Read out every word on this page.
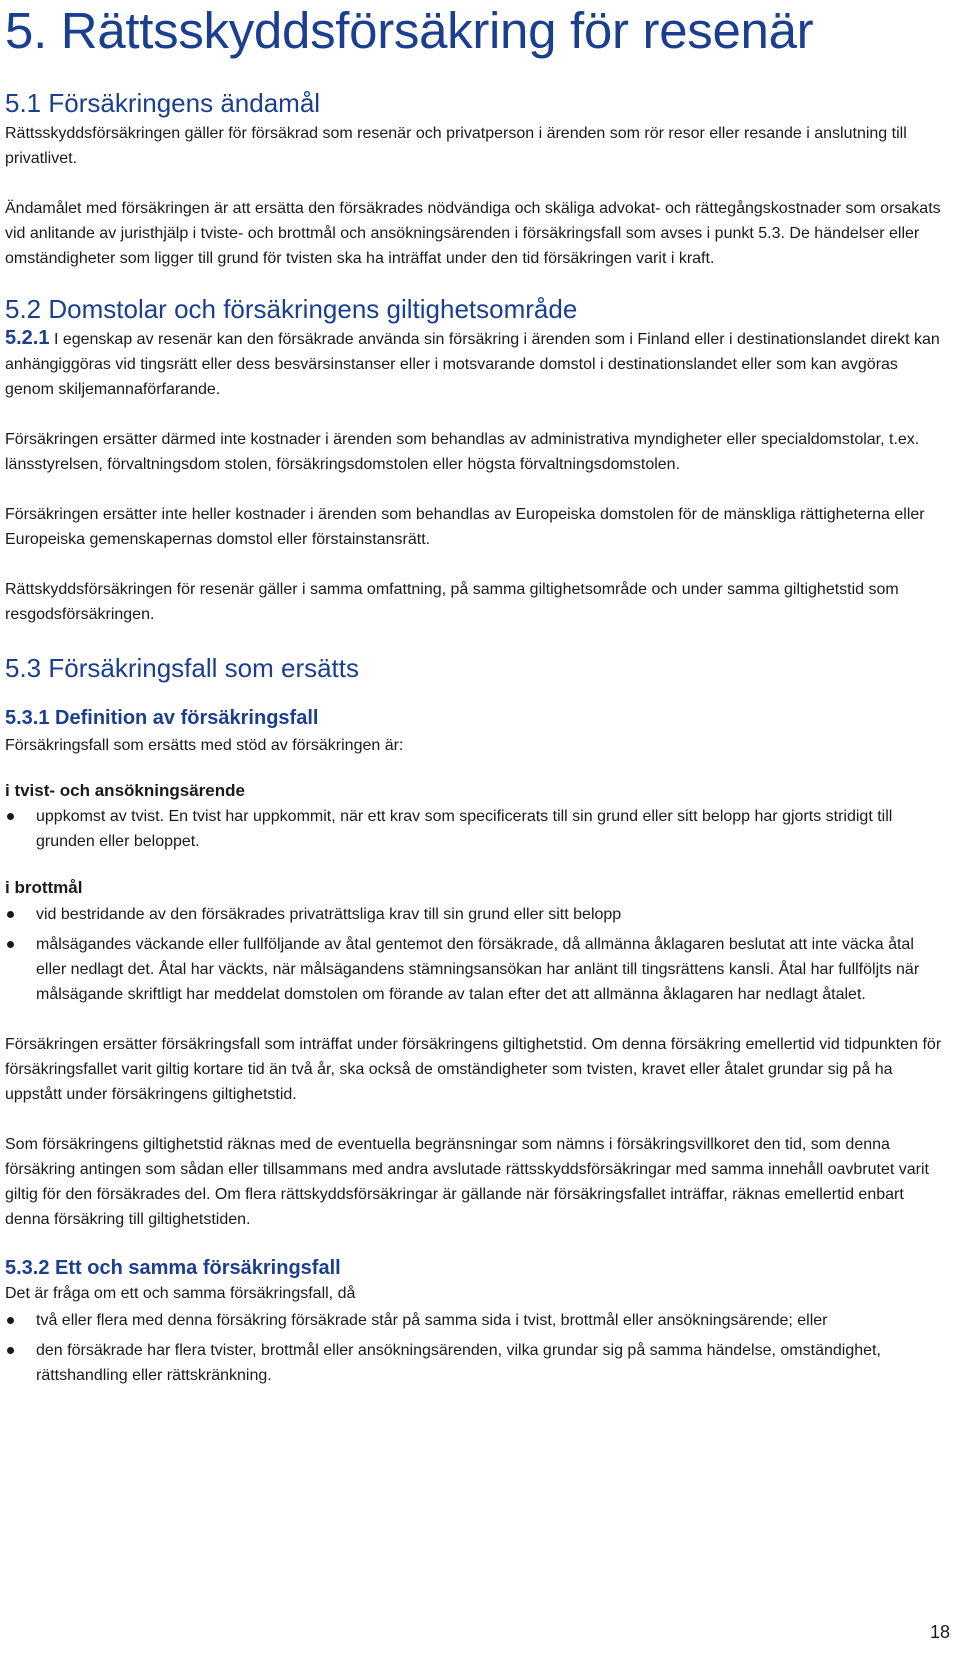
5. Rättsskyddsförsäkring för resenär
5.1 Försäkringens ändamål

Rättsskyddsförsäkringen gäller för försäkrad som resenär och privatperson i ärenden som rör resor eller resande i anslutning till privatlivet.

Ändamålet med försäkringen är att ersätta den försäkrades nödvändiga och skäliga advokat- och rättegångskostnader som orsakats vid anlitande av juristhjälp i tviste- och brottmål och ansökningsärenden i försäkringsfall som avses i punkt 5.3. De händelser eller omständigheter som ligger till grund för tvisten ska ha inträffat under den tid försäkringen varit i kraft.

5.2 Domstolar och försäkringens giltighetsområde

5.2.1 I egenskap av resenär kan den försäkrade använda sin försäkring i ärenden som i Finland eller i destinationslandet direkt kan anhängiggöras vid tingsrätt eller dess besvärsinstanser eller i motsvarande domstol i destinationslandet eller som kan avgöras genom skiljemannaförfarande.

Försäkringen ersätter därmed inte kostnader i ärenden som behandlas av administrativa myndigheter eller specialdomstolar, t.ex. länsstyrelsen, förvaltningsdom stolen, försäkringsdomstolen eller högsta förvaltningsdomstolen.

Försäkringen ersätter inte heller kostnader i ärenden som behandlas av Europeiska domstolen för de mänskliga rättigheterna eller Europeiska gemenskapernas domstol eller förstainstansrätt.

Rättskyddsförsäkringen för resenär gäller i samma omfattning, på samma giltighetsområde och under samma giltighetstid som resgodsförsäkringen.

5.3 Försäkringsfall som ersätts
5.3.1 Definition av försäkringsfall

Försäkringsfall som ersätts med stöd av försäkringen är:

i tvist- och ansökningsärende
uppkomst av tvist. En tvist har uppkommit, när ett krav som specificerats till sin grund eller sitt belopp har gjorts stridigt till grunden eller beloppet.
i brottmål
vid bestridande av den försäkrades privaträttsliga krav till sin grund eller sitt belopp
målsägandes väckande eller fullföljande av åtal gentemot den försäkrade, då allmänna åklagaren beslutat att inte väcka åtal eller nedlagt det. Åtal har väckts, när målsägandens stämningsansökan har anlänt till tingsrättens kansli. Åtal har fullföljts när målsägande skriftligt har meddelat domstolen om förande av talan efter det att allmänna åklagaren har nedlagt åtalet.

Försäkringen ersätter försäkringsfall som inträffat under försäkringens giltighetstid. Om denna försäkring emellertid vid tidpunkten för försäkringsfallet varit giltig kortare tid än två år, ska också de omständigheter som tvisten, kravet eller åtalet grundar sig på ha uppstått under försäkringens giltighetstid.

Som försäkringens giltighetstid räknas med de eventuella begränsningar som nämns i försäkringsvillkoret den tid, som denna försäkring antingen som sådan eller tillsammans med andra avslutade rättsskyddsförsäkringar med samma innehåll oavbrutet varit giltig för den försäkrades del. Om flera rättskyddsförsäkringar är gällande när försäkringsfallet inträffar, räknas emellertid enbart denna försäkring till giltighetstiden.

5.3.2 Ett och samma försäkringsfall

Det är fråga om ett och samma försäkringsfall, då

två eller flera med denna försäkring försäkrade står på samma sida i tvist, brottmål eller ansökningsärende; eller
den försäkrade har flera tvister, brottmål eller ansökningsärenden, vilka grundar sig på samma händelse, omständighet, rättshandling eller rättskränkning.
18
